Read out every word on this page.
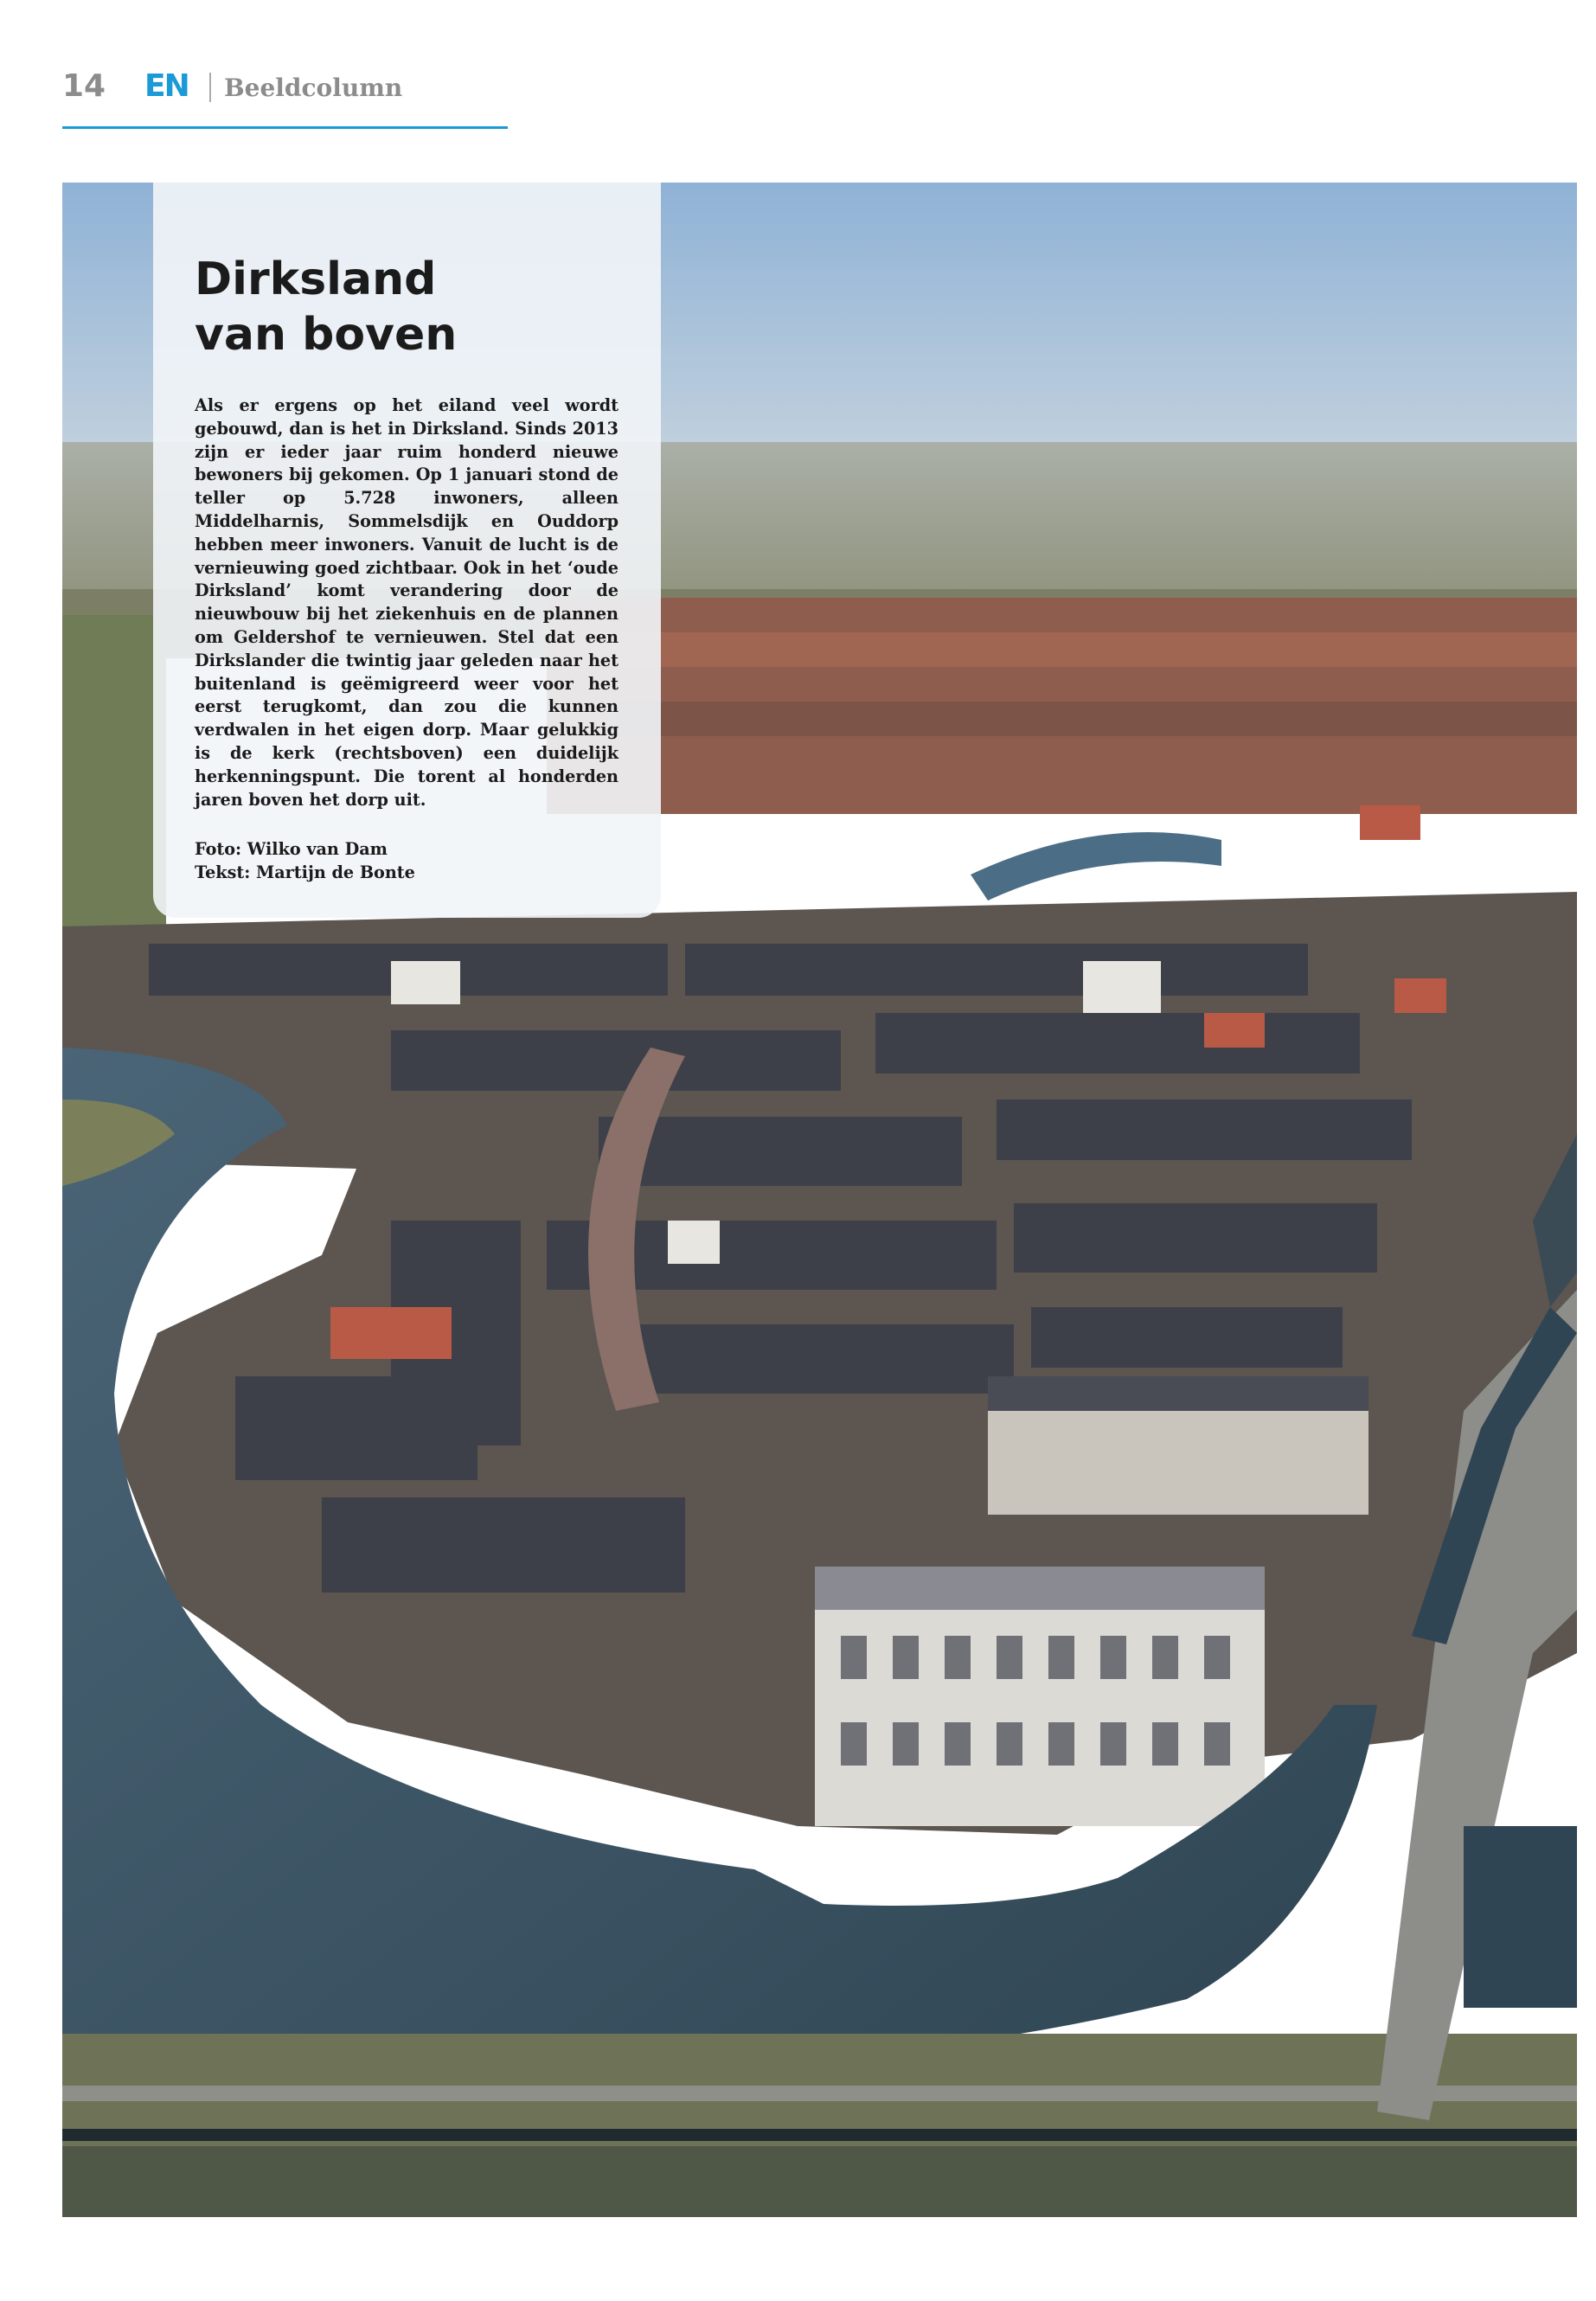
14 EN Beeldcolumn
Dirksland
van boven

Als er ergens op het eiland veel wordt gebouwd, dan is het in Dirksland. Sinds 2013 zijn er ieder jaar ruim honderd nieuwe bewoners bij gekomen. Op 1 januari stond de teller op 5.728 inwoners, alleen Middelharnis, Sommelsdijk en Ouddorp hebben meer inwoners. Vanuit de lucht is de vernieuwing goed zichtbaar. Ook in het ‘oude Dirksland’ komt verandering door de nieuwbouw bij het ziekenhuis en de plannen om Geldershof te vernieuwen. Stel dat een Dirkslander die twintig jaar geleden naar het buitenland is geëmigreerd weer voor het eerst terugkomt, dan zou die kunnen verdwalen in het eigen dorp. Maar gelukkig is de kerk (rechtsboven) een duidelijk herkenningspunt. Die torent al honderden jaren boven het dorp uit.

Foto: Wilko van Dam
Tekst: Martijn de Bonte
